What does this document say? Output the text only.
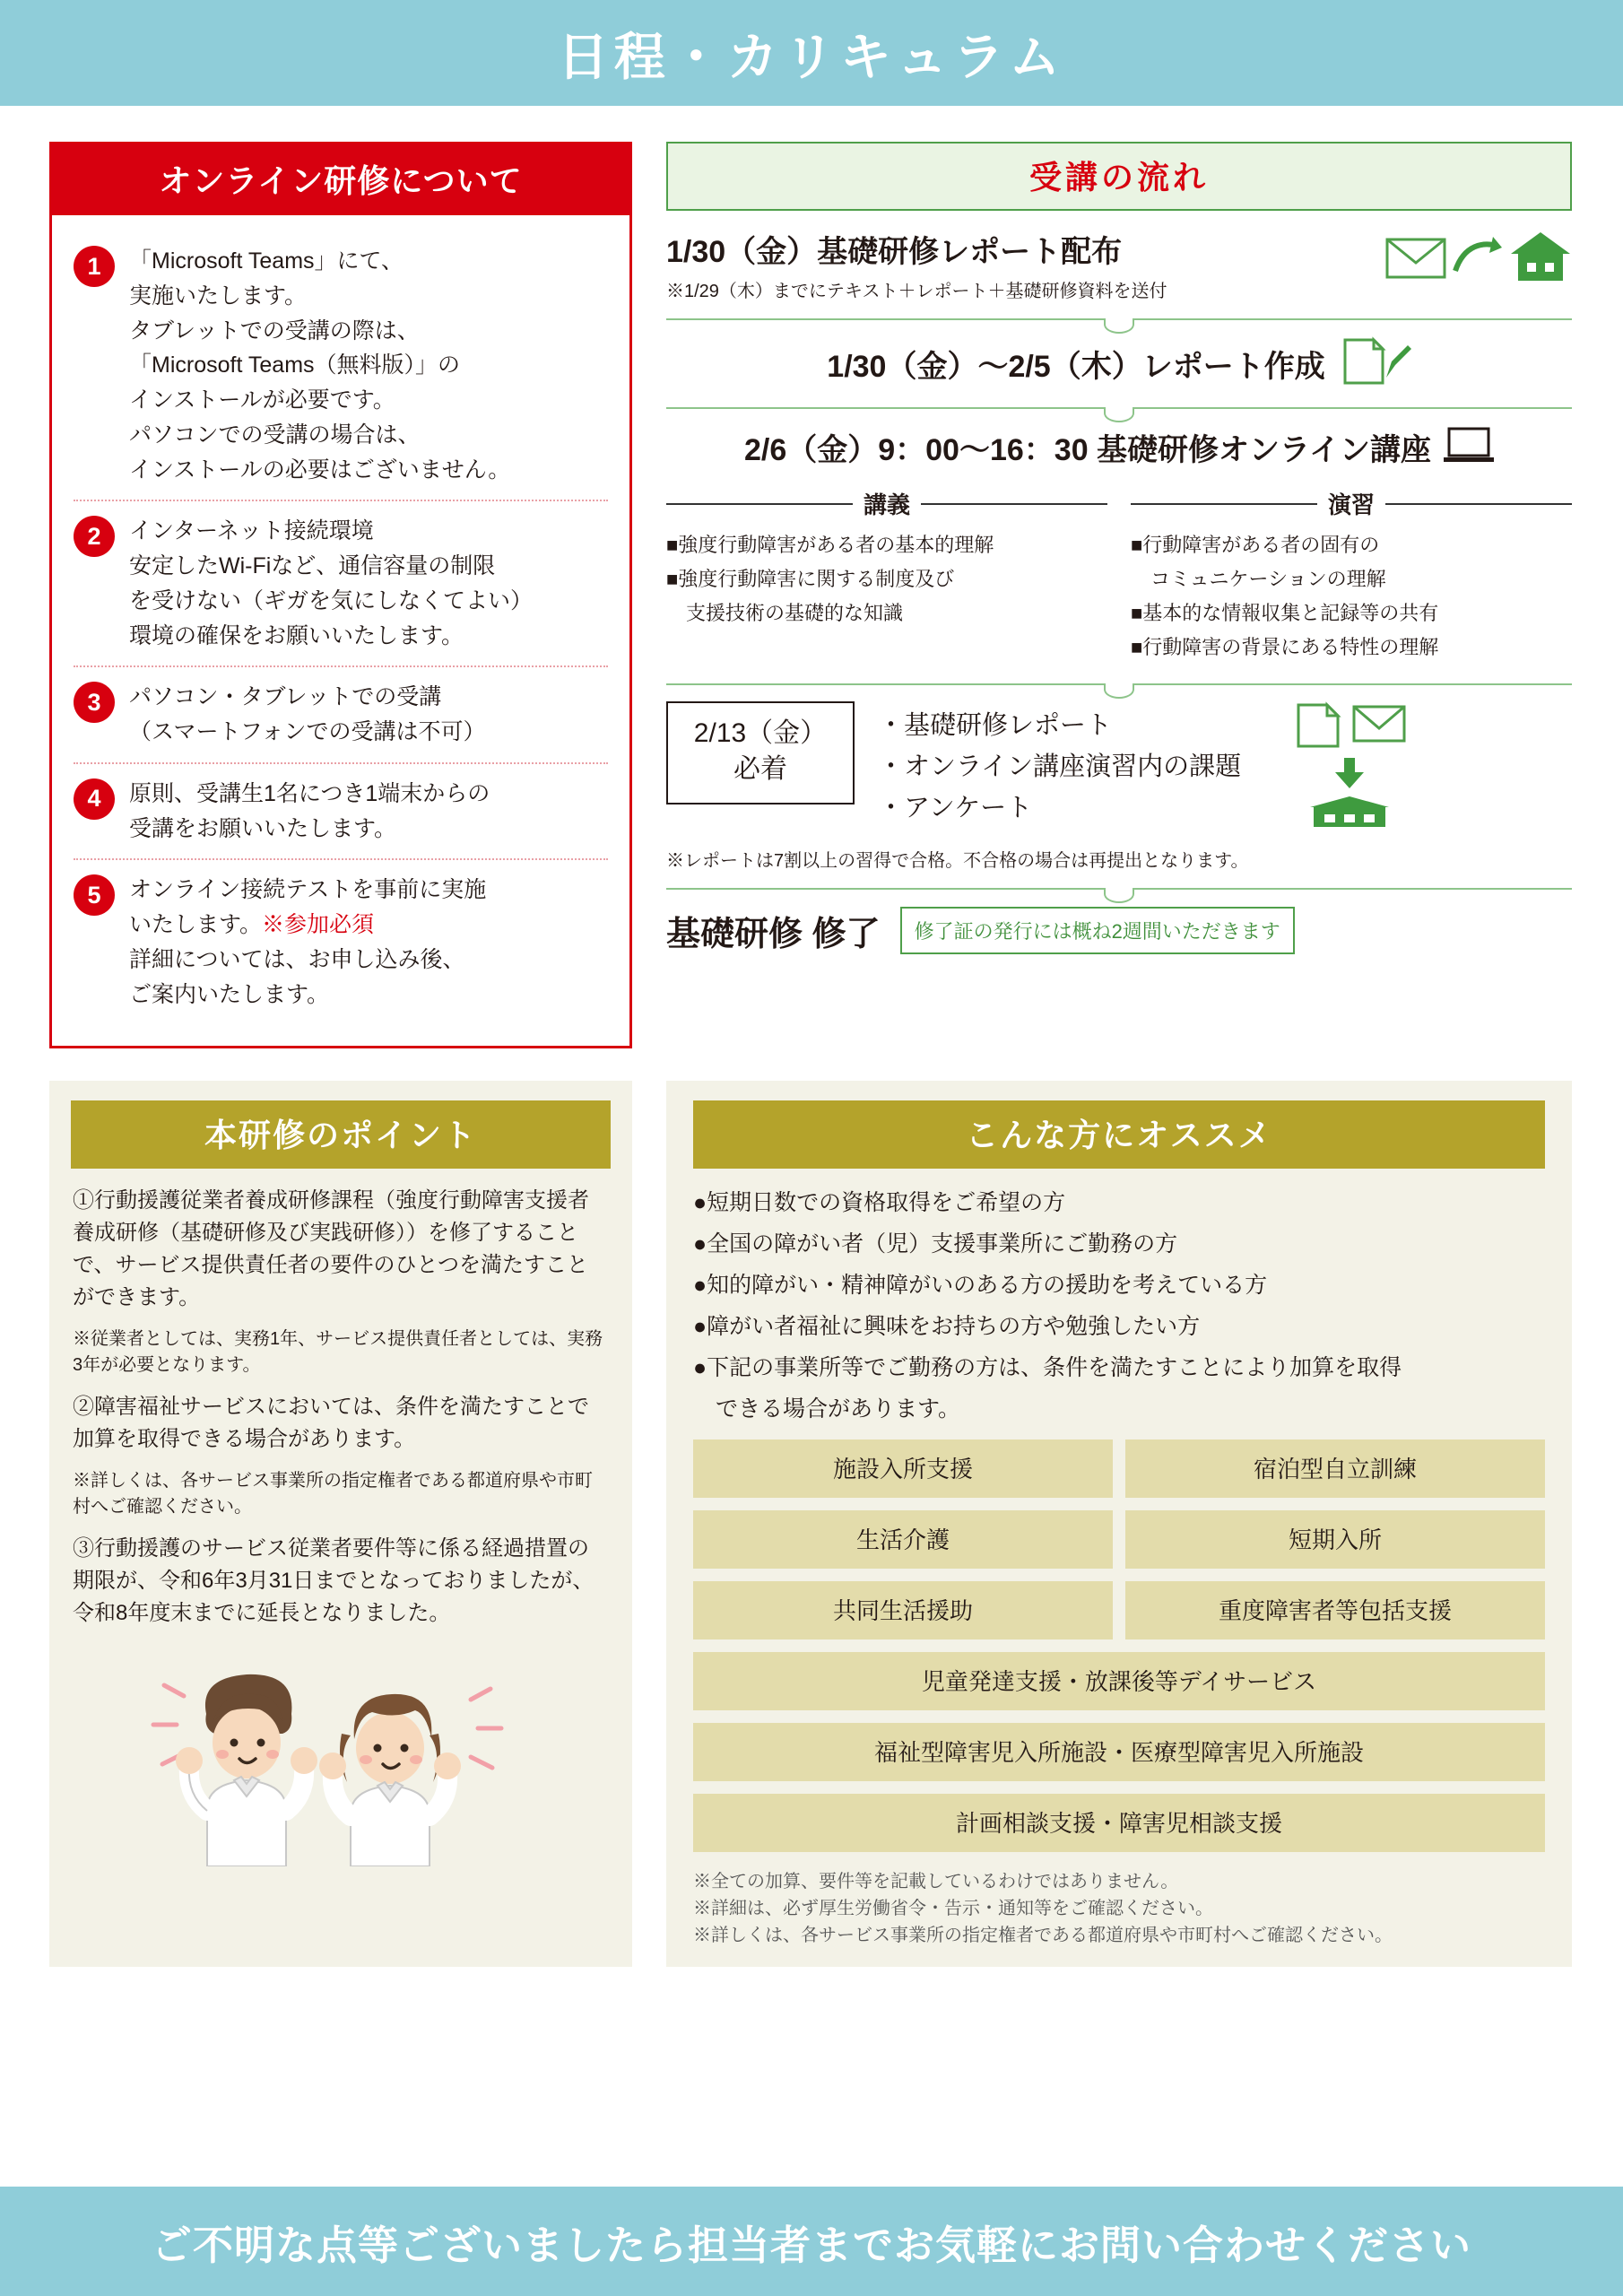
日程・カリキュラム
オンライン研修について
1	「Microsoft Teams」にて、
実施いたします。
タブレットでの受講の際は、
「Microsoft Teams（無料版）」の
インストールが必要です。
パソコンでの受講の場合は、
インストールの必要はございません。
2	インターネット接続環境
安定したWi-Fiなど、通信容量の制限
を受けない（ギガを気にしなくてよい）
環境の確保をお願いいたします。
3	パソコン・タブレットでの受講
（スマートフォンでの受講は不可）
4	原則、受講生1名につき1端末からの
受講をお願いいたします。
5	オンライン接続テストを事前に実施
いたします。※参加必須
詳細については、お申し込み後、
ご案内いたします。
受講の流れ
1/30（金）基礎研修レポート配布
※1/29（木）までにテキスト＋レポート＋基礎研修資料を送付
1/30（金）〜2/5（木）レポート作成
2/6（金）9：00〜16：30 基礎研修オンライン講座
講義
■強度行動障害がある者の基本的理解
■強度行動障害に関する制度及び
　支援技術の基礎的な知識
演習
■行動障害がある者の固有の
　コミュニケーションの理解
■基本的な情報収集と記録等の共有
■行動障害の背景にある特性の理解
2/13（金）
必着
・基礎研修レポート
・オンライン講座演習内の課題
・アンケート
※レポートは7割以上の習得で合格。不合格の場合は再提出となります。
基礎研修 修了	修了証の発行には概ね2週間いただきます
本研修のポイント

①行動援護従業者養成研修課程（強度行動障害支援者養成研修（基礎研修及び実践研修））を修了することで、サービス提供責任者の要件のひとつを満たすことができます。

※従業者としては、実務1年、サービス提供責任者としては、実務3年が必要となります。

②障害福祉サービスにおいては、条件を満たすことで加算を取得できる場合があります。

※詳しくは、各サービス事業所の指定権者である都道府県や市町村へご確認ください。

③行動援護のサービス従業者要件等に係る経過措置の期限が、令和6年3月31日までとなっておりましたが、令和8年度末までに延長となりました。

こんな方にオススメ
●短期日数での資格取得をご希望の方
●全国の障がい者（児）支援事業所にご勤務の方
●知的障がい・精神障がいのある方の援助を考えている方
●障がい者福祉に興味をお持ちの方や勉強したい方
●下記の事業所等でご勤務の方は、条件を満たすことにより加算を取得
　できる場合があります。
施設入所支援	宿泊型自立訓練
生活介護	短期入所
共同生活援助	重度障害者等包括支援
児童発達支援・放課後等デイサービス
福祉型障害児入所施設・医療型障害児入所施設
計画相談支援・障害児相談支援
※全ての加算、要件等を記載しているわけではありません。
※詳細は、必ず厚生労働省令・告示・通知等をご確認ください。
※詳しくは、各サービス事業所の指定権者である都道府県や市町村へご確認ください。
ご不明な点等ございましたら担当者までお気軽にお問い合わせください
